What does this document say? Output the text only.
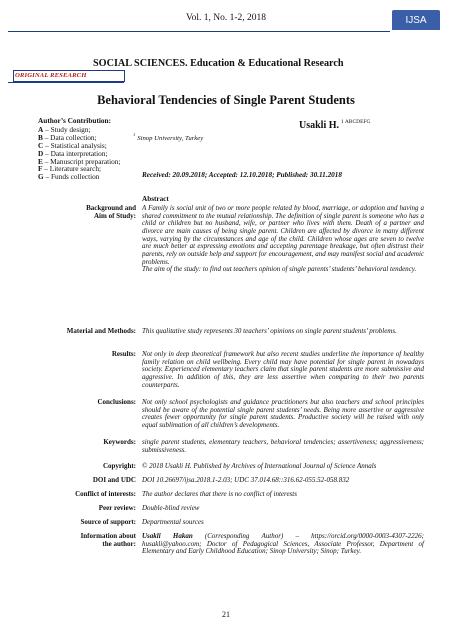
Vol. 1, No. 1-2, 2018	IJSA
SOCIAL SCIENCES. Education & Educational Research
ORIGINAL RESEARCH
Behavioral Tendencies of Single Parent Students
Author’s Contribution:
A – Study design;
B – Data collection;
C – Statistical analysis;
D – Data interpretation;
E – Manuscript preparation;
F – Literature search;
G – Funds collection
Usakli H. $^{1 ABCDEFG}$
$^1$Sinop University, Turkey
Received: 20.09.2018; Accepted: 12.10.2018; Published: 30.11.2018
Abstract
Background and
Aim of Study:

A Family is social unit of two or more people related by blood, marriage, or adoption and having a shared commitment to the mutual relationship. The definition of single parent is someone who has a child or children but no husband, wife, or partner who lives with them. Death of a partner and divorce are main causes of being single parent. Children are affected by divorce in many different ways, varying by the circumstances and age of the child. Children whose ages are seven to twelve are much better at expressing emotions and accepting parentage breakage, but often distrust their parents, rely on outside help and support for encouragement, and may manifest social and academic problems.

The aim of the study: to find out teachers opinion of single parents’ students’ behavioral tendency.

Material and Methods: This qualitative study represents 30 teachers’ opinions on single parent students’ problems.
Results: Not only in deep theoretical framework but also recent studies underline the importance of healthy family relation on child wellbeing. Every child may have potential for single parent in nowadays society. Experienced elementary teachers claim that single parent students are more submissive and aggressive. In addition of this, they are less assertive when comparing to their two parents counterparts.
Conclusions: Not only school psychologists and guidance practitioners but also teachers and school principles should be aware of the potential single parent students’ needs. Being more assertive or aggressive creates fewer opportunity for single parent students. Productive society will be raised with only equal sublimation of all children’s developments.
Keywords: single parent students, elementary teachers, behavioral tendencies; assertiveness; aggressiveness; submissiveness.
Copyright: © 2018 Usakli H. Published by Archives of International Journal of Science Annals
DOI and UDC DOI 10.26697/ijsa.2018.1-2.03; UDC 37.014.68::316.62-055.52-058.832
Conflict of interests: The author declares that there is no conflict of interests
Peer review: Double-blind review
Source of support: Departmental sources
Information about
the author:
Usakli Hakan (Corresponding Author) – https://orcid.org/0000-0003-4307-2226; husakli@yahoo.com; Doctor of Pedagogical Sciences, Associate Professor, Department of Elementary and Early Childhood Education; Sinop University; Sinop; Turkey.
21
